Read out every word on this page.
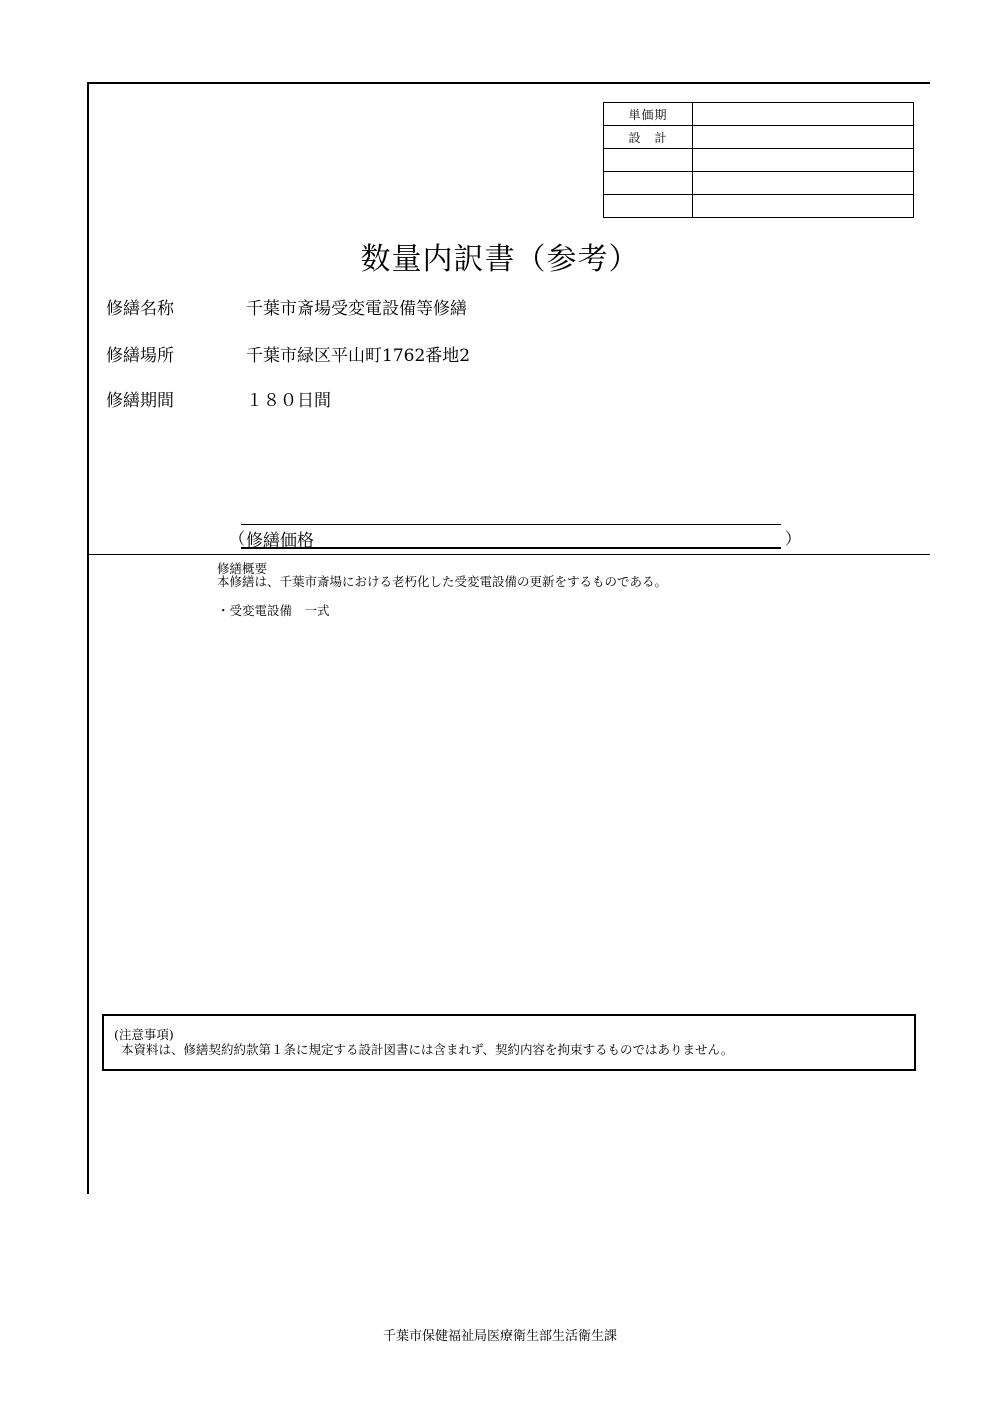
単価期	
設　計	

数量内訳書（参考）
修繕名称	千葉市斎場受変電設備等修繕
修繕場所	千葉市緑区平山町1762番地2
修繕期間	１８０日間
（ 修繕価格	）
修繕概要
本修繕は、千葉市斎場における老朽化した受変電設備の更新をするものである。
・受変電設備　一式
(注意事項)
本資料は、修繕契約約款第１条に規定する設計図書には含まれず、契約内容を拘束するものではありません。
千葉市保健福祉局医療衛生部生活衛生課
